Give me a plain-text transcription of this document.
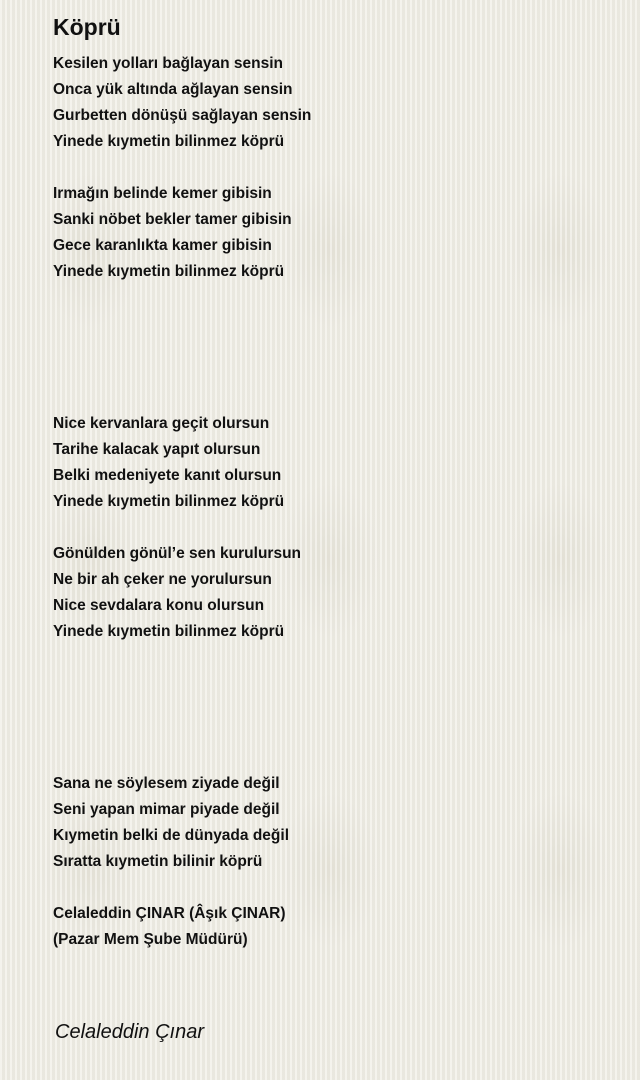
Köprü
Kesilen yolları bağlayan sensin
Onca yük altında ağlayan sensin
Gurbetten dönüşü sağlayan sensin
Yinede kıymetin bilinmez köprü
Irmağın belinde kemer gibisin
Sanki nöbet bekler tamer gibisin
Gece karanlıkta kamer gibisin
Yinede kıymetin bilinmez köprü
Nice kervanlara geçit olursun
Tarihe kalacak yapıt olursun
Belki medeniyete kanıt olursun
Yinede kıymetin bilinmez köprü
Gönülden gönül’e sen kurulursun
Ne bir ah çeker ne yorulursun
Nice sevdalara konu olursun
Yinede kıymetin bilinmez köprü
Sana ne söylesem ziyade değil
Seni yapan mimar piyade değil
Kıymetin belki de dünyada değil
Sıratta kıymetin bilinir köprü
Celaleddin ÇINAR (Âşık ÇINAR)
(Pazar Mem Şube Müdürü)
Celaleddin Çınar
